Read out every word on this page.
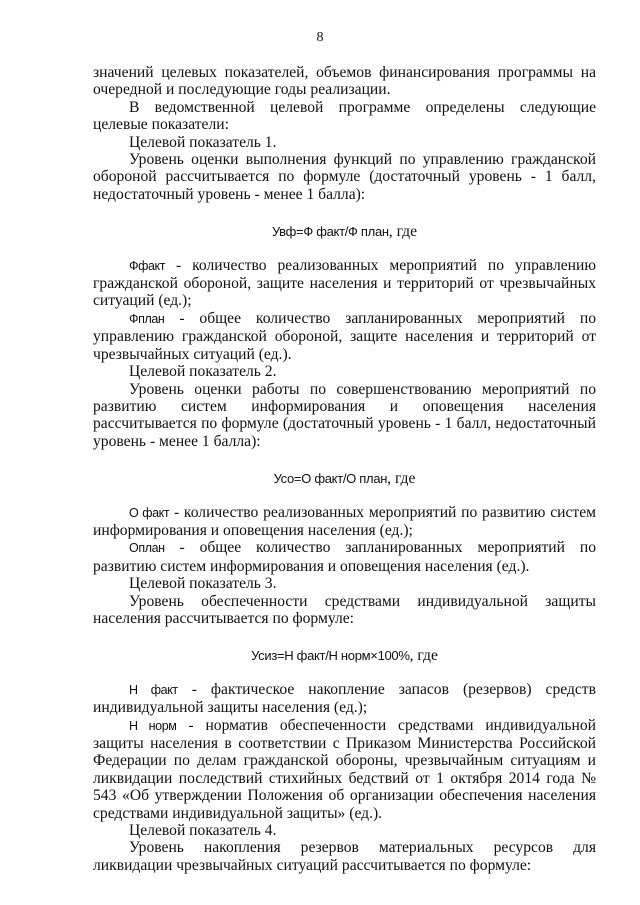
8

значений целевых показателей, объемов финансирования программы на очередной и последующие годы реализации.

В ведомственной целевой программе определены следующие целевые показатели:

Целевой показатель 1.

Уровень оценки выполнения функций по управлению гражданской обороной рассчитывается по формуле (достаточный уровень - 1 балл, недостаточный уровень - менее 1 балла):

Увф=Ф факт/Ф план, где

Ффакт - количество реализованных мероприятий по управлению гражданской обороной, защите населения и территорий от чрезвычайных ситуаций (ед.);

Фплан - общее количество запланированных мероприятий по управлению гражданской обороной, защите населения и территорий от чрезвычайных ситуаций (ед.).

Целевой показатель 2.

Уровень оценки работы по совершенствованию мероприятий по развитию систем информирования и оповещения населения рассчитывается по формуле (достаточный уровень - 1 балл, недостаточный уровень - менее 1 балла):

Усо=О факт/О план, где

О факт - количество реализованных мероприятий по развитию систем информирования и оповещения населения (ед.);

Оплан - общее количество запланированных мероприятий по развитию систем информирования и оповещения населения (ед.).

Целевой показатель 3.

Уровень обеспеченности средствами индивидуальной защиты населения рассчитывается по формуле:

Усиз=Н факт/Н норм×100%, где

Н факт - фактическое накопление запасов (резервов) средств индивидуальной защиты населения (ед.);

Н норм - норматив обеспеченности средствами индивидуальной защиты населения в соответствии с Приказом Министерства Российской Федерации по делам гражданской обороны, чрезвычайным ситуациям и ликвидации последствий стихийных бедствий от 1 октября 2014 года № 543 «Об утверждении Положения об организации обеспечения населения средствами индивидуальной защиты» (ед.).

Целевой показатель 4.

Уровень накопления резервов материальных ресурсов для ликвидации чрезвычайных ситуаций рассчитывается по формуле:
